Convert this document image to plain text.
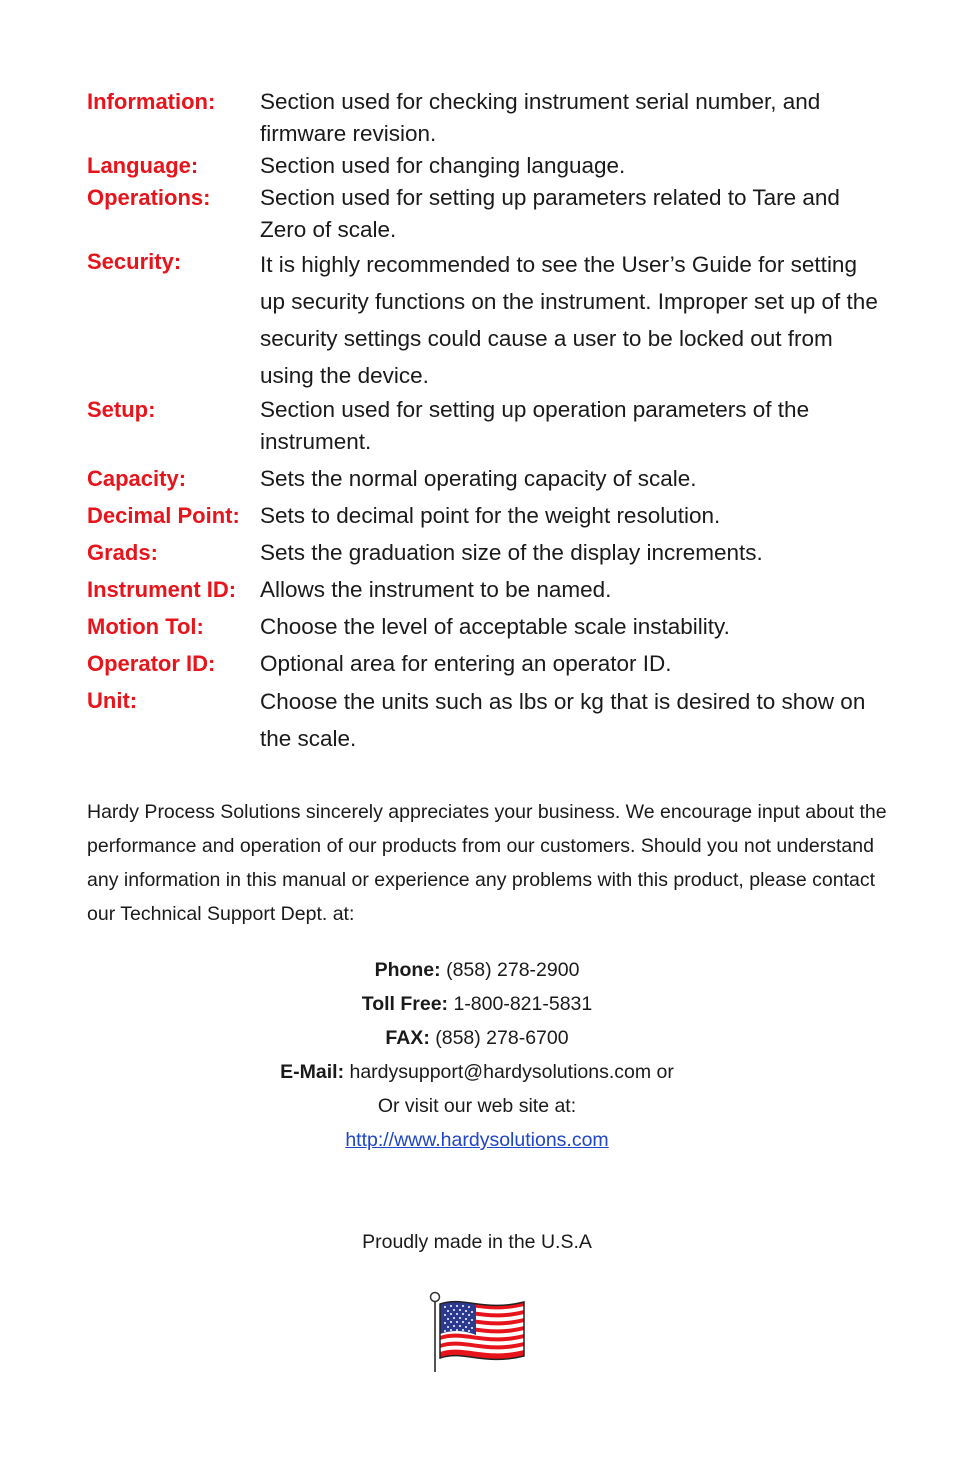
Information:	Section used for checking instrument serial number, and firmware revision.
Language:	Section used for changing language.
Operations:	Section used for setting up parameters related to Tare and Zero of scale.
Security:	It is highly recommended to see the User’s Guide for setting up security functions on the instrument. Improper set up of the security settings could cause a user to be locked out from using the device.
Setup:	Section used for setting up operation parameters of the instrument.
Capacity:	Sets the normal operating capacity of scale.
Decimal Point: Sets to decimal point for the weight resolution.
Grads:	Sets the graduation size of the display increments.
Instrument ID:	Allows the instrument to be named.
Motion Tol:	Choose the level of acceptable scale instability.
Operator ID:	Optional area for entering an operator ID.
Unit:	Choose the units such as lbs or kg that is desired to show on the scale.

Hardy Process Solutions sincerely appreciates your business. We encourage input about the performance and operation of our products from our customers. Should you not understand any information in this manual or experience any problems with this product, please contact our Technical Support Dept. at:

Phone: (858) 278-2900
Toll Free: 1-800-821-5831
FAX: (858) 278-6700
E-Mail: hardysupport@hardysolutions.com or
Or visit our web site at:
http://www.hardysolutions.com
Proudly made in the U.S.A
